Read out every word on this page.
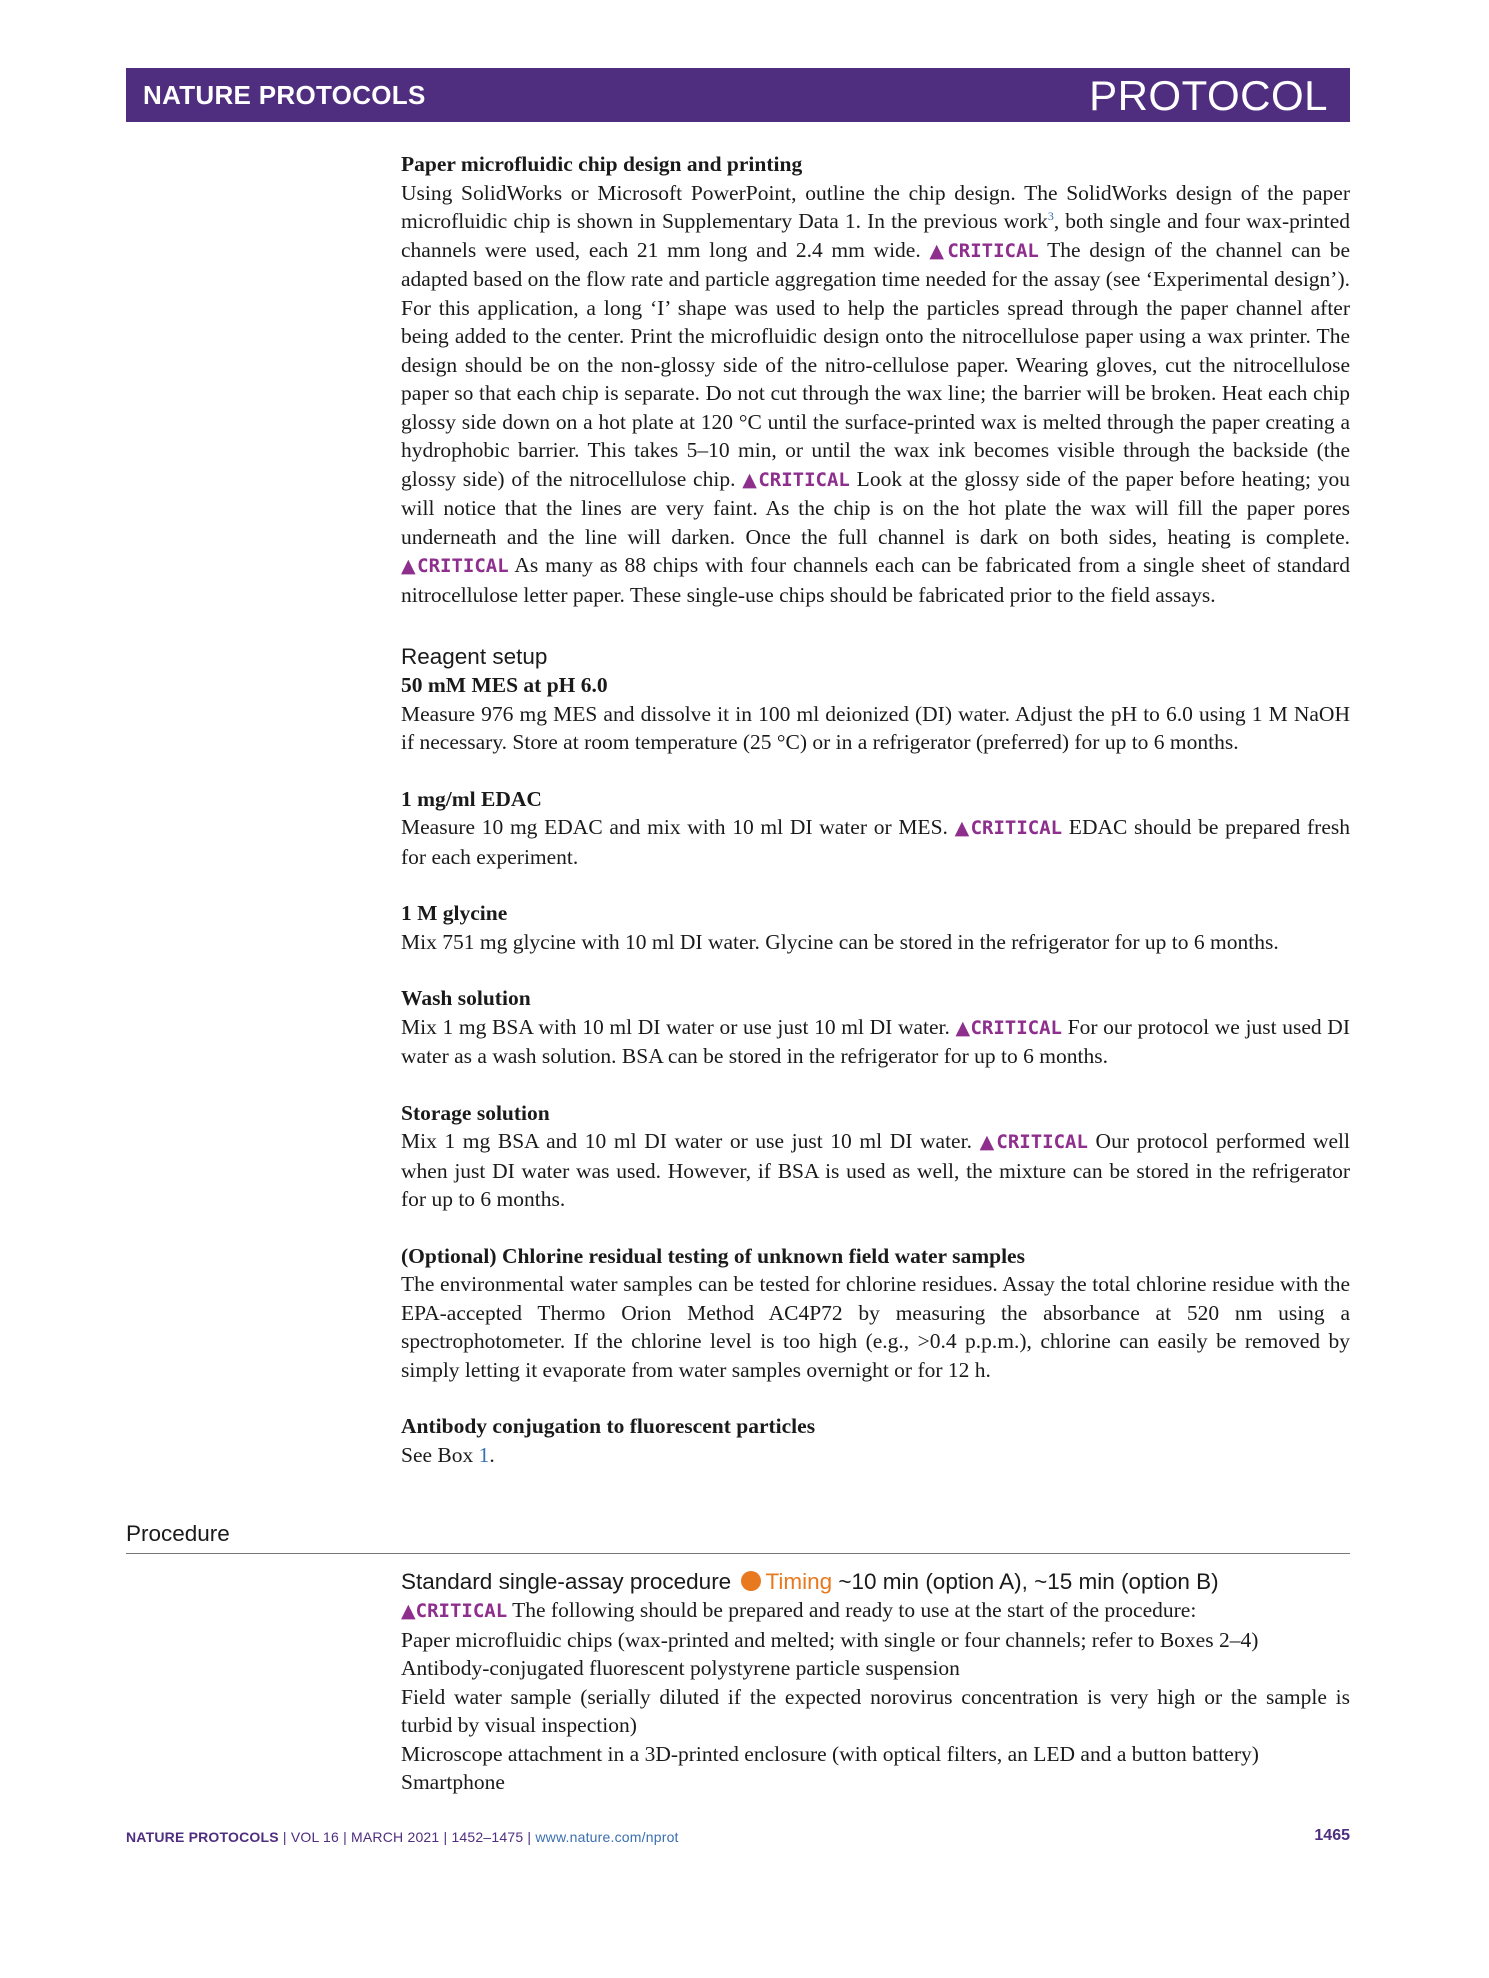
NATURE PROTOCOLS	PROTOCOL

Paper microfluidic chip design and printing

Using SolidWorks or Microsoft PowerPoint, outline the chip design. The SolidWorks design of the paper microfluidic chip is shown in Supplementary Data 1. In the previous work$^3$, both single and four wax-printed channels were used, each 21 mm long and 2.4 mm wide. ▲CRITICAL The design of the channel can be adapted based on the flow rate and particle aggregation time needed for the assay (see ‘Experimental design’). For this application, a long ‘I’ shape was used to help the particles spread through the paper channel after being added to the center. Print the microfluidic design onto the nitrocellulose paper using a wax printer. The design should be on the non-glossy side of the nitro-cellulose paper. Wearing gloves, cut the nitrocellulose paper so that each chip is separate. Do not cut through the wax line; the barrier will be broken. Heat each chip glossy side down on a hot plate at 120 °C until the surface-printed wax is melted through the paper creating a hydrophobic barrier. This takes 5–10 min, or until the wax ink becomes visible through the backside (the glossy side) of the nitrocellulose chip. ▲CRITICAL Look at the glossy side of the paper before heating; you will notice that the lines are very faint. As the chip is on the hot plate the wax will fill the paper pores underneath and the line will darken. Once the full channel is dark on both sides, heating is complete. ▲CRITICAL As many as 88 chips with four channels each can be fabricated from a single sheet of standard nitrocellulose letter paper. These single-use chips should be fabricated prior to the field assays.

Reagent setup

50 mM MES at pH 6.0

Measure 976 mg MES and dissolve it in 100 ml deionized (DI) water. Adjust the pH to 6.0 using 1 M NaOH if necessary. Store at room temperature (25 °C) or in a refrigerator (preferred) for up to 6 months.

1 mg/ml EDAC

Measure 10 mg EDAC and mix with 10 ml DI water or MES. ▲CRITICAL EDAC should be prepared fresh for each experiment.

1 M glycine

Mix 751 mg glycine with 10 ml DI water. Glycine can be stored in the refrigerator for up to 6 months.

Wash solution

Mix 1 mg BSA with 10 ml DI water or use just 10 ml DI water. ▲CRITICAL For our protocol we just used DI water as a wash solution. BSA can be stored in the refrigerator for up to 6 months.

Storage solution

Mix 1 mg BSA and 10 ml DI water or use just 10 ml DI water. ▲CRITICAL Our protocol performed well when just DI water was used. However, if BSA is used as well, the mixture can be stored in the refrigerator for up to 6 months.

(Optional) Chlorine residual testing of unknown field water samples

The environmental water samples can be tested for chlorine residues. Assay the total chlorine residue with the EPA-accepted Thermo Orion Method AC4P72 by measuring the absorbance at 520 nm using a spectrophotometer. If the chlorine level is too high (e.g., >0.4 p.p.m.), chlorine can easily be removed by simply letting it evaporate from water samples overnight or for 12 h.

Antibody conjugation to fluorescent particles

See Box 1.

Procedure

Standard single-assay procedure Timing ~10 min (option A), ~15 min (option B)

▲CRITICAL The following should be prepared and ready to use at the start of the procedure:

Paper microfluidic chips (wax-printed and melted; with single or four channels; refer to Boxes 2–4)

Antibody-conjugated fluorescent polystyrene particle suspension

Field water sample (serially diluted if the expected norovirus concentration is very high or the sample is turbid by visual inspection)

Microscope attachment in a 3D-printed enclosure (with optical filters, an LED and a button battery)

Smartphone

NATURE PROTOCOLS | VOL 16 | MARCH 2021 | 1452–1475 | www.nature.com/nprot	1465
